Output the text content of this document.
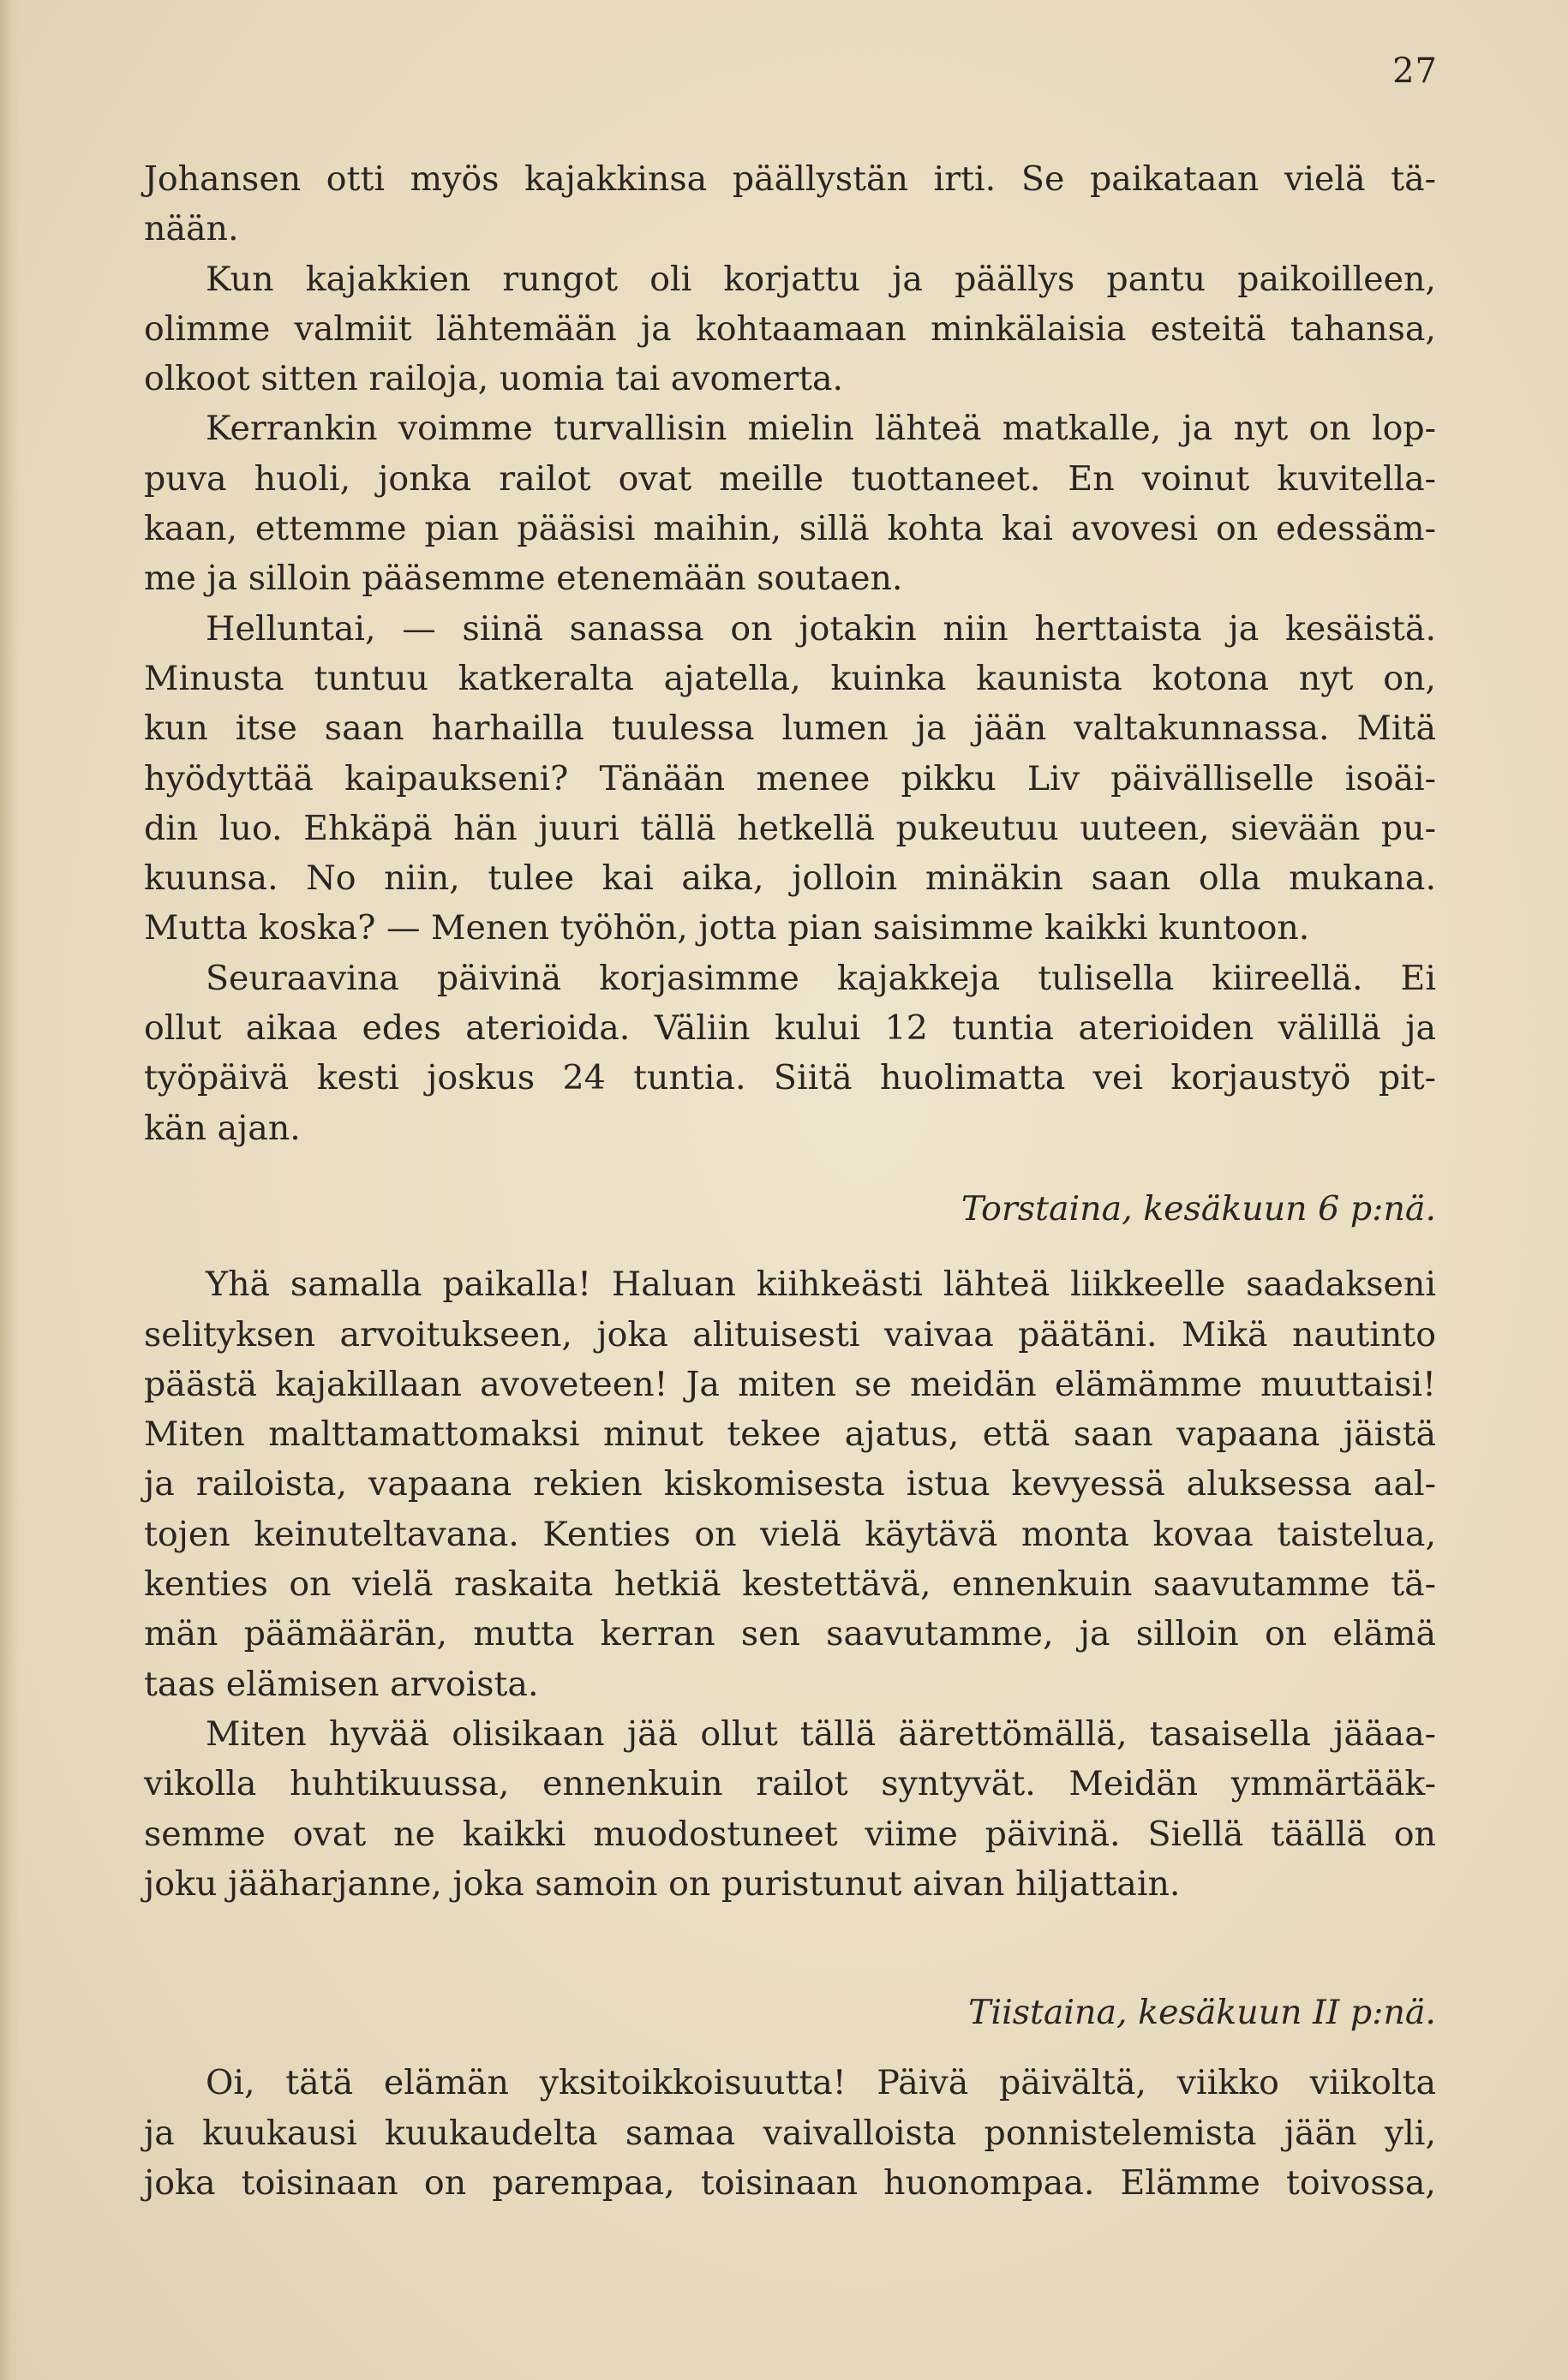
27
Johansen otti myös kajakkinsa päällystän irti. Se paikataan vielä tä-
nään.
Kun kajakkien rungot oli korjattu ja päällys pantu paikoilleen,
olimme valmiit lähtemään ja kohtaamaan minkälaisia esteitä tahansa,
olkoot sitten railoja, uomia tai avomerta.
Kerrankin voimme turvallisin mielin lähteä matkalle, ja nyt on lop-
puva huoli, jonka railot ovat meille tuottaneet. En voinut kuvitella-
kaan, ettemme pian pääsisi maihin, sillä kohta kai avovesi on edessäm-
me ja silloin pääsemme etenemään soutaen.
Helluntai, — siinä sanassa on jotakin niin herttaista ja kesäistä.
Minusta tuntuu katkeralta ajatella, kuinka kaunista kotona nyt on,
kun itse saan harhailla tuulessa lumen ja jään valtakunnassa. Mitä
hyödyttää kaipaukseni? Tänään menee pikku Liv päivälliselle isoäi-
din luo. Ehkäpä hän juuri tällä hetkellä pukeutuu uuteen, sievään pu-
kuunsa. No niin, tulee kai aika, jolloin minäkin saan olla mukana.
Mutta koska? — Menen työhön, jotta pian saisimme kaikki kuntoon.
Seuraavina päivinä korjasimme kajakkeja tulisella kiireellä. Ei
ollut aikaa edes aterioida. Väliin kului 12 tuntia aterioiden välillä ja
työpäivä kesti joskus 24 tuntia. Siitä huolimatta vei korjaustyö pit-
kän ajan.
Torstaina, kesäkuun 6 p:nä.
Yhä samalla paikalla! Haluan kiihkeästi lähteä liikkeelle saadakseni
selityksen arvoitukseen, joka alituisesti vaivaa päätäni. Mikä nautinto
päästä kajakillaan avoveteen! Ja miten se meidän elämämme muuttaisi!
Miten malttamattomaksi minut tekee ajatus, että saan vapaana jäistä
ja railoista, vapaana rekien kiskomisesta istua kevyessä aluksessa aal-
tojen keinuteltavana. Kenties on vielä käytävä monta kovaa taistelua,
kenties on vielä raskaita hetkiä kestettävä, ennenkuin saavutamme tä-
män päämäärän, mutta kerran sen saavutamme, ja silloin on elämä
taas elämisen arvoista.
Miten hyvää olisikaan jää ollut tällä äärettömällä, tasaisella jääaa-
vikolla huhtikuussa, ennenkuin railot syntyvät. Meidän ymmärtääk-
semme ovat ne kaikki muodostuneet viime päivinä. Siellä täällä on
joku jääharjanne, joka samoin on puristunut aivan hiljattain.
Tiistaina, kesäkuun II p:nä.
Oi, tätä elämän yksitoikkoisuutta! Päivä päivältä, viikko viikolta
ja kuukausi kuukaudelta samaa vaivalloista ponnistelemista jään yli,
joka toisinaan on parempaa, toisinaan huonompaa. Elämme toivossa,
